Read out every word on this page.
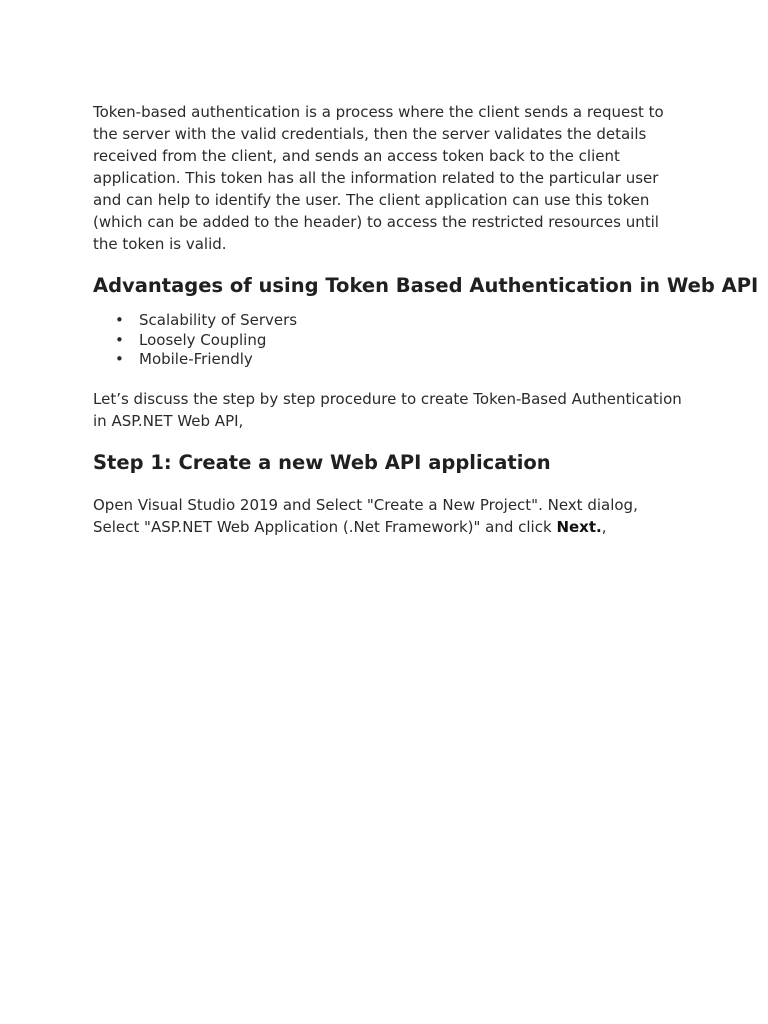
Token-based authentication is a process where the client sends a request to the server with the valid credentials, then the server validates the details received from the client, and sends an access token back to the client application. This token has all the information related to the particular user and can help to identify the user. The client application can use this token (which can be added to the header) to access the restricted resources until the token is valid.

Advantages of using Token Based Authentication in Web API
• Scalability of Servers
• Loosely Coupling
• Mobile-Friendly

Let’s discuss the step by step procedure to create Token-Based Authentication in ASP.NET Web API,

Step 1: Create a new Web API application

Open Visual Studio 2019 and Select "Create a New Project". Next dialog, Select "ASP.NET Web Application (.Net Framework)" and click Next.,
